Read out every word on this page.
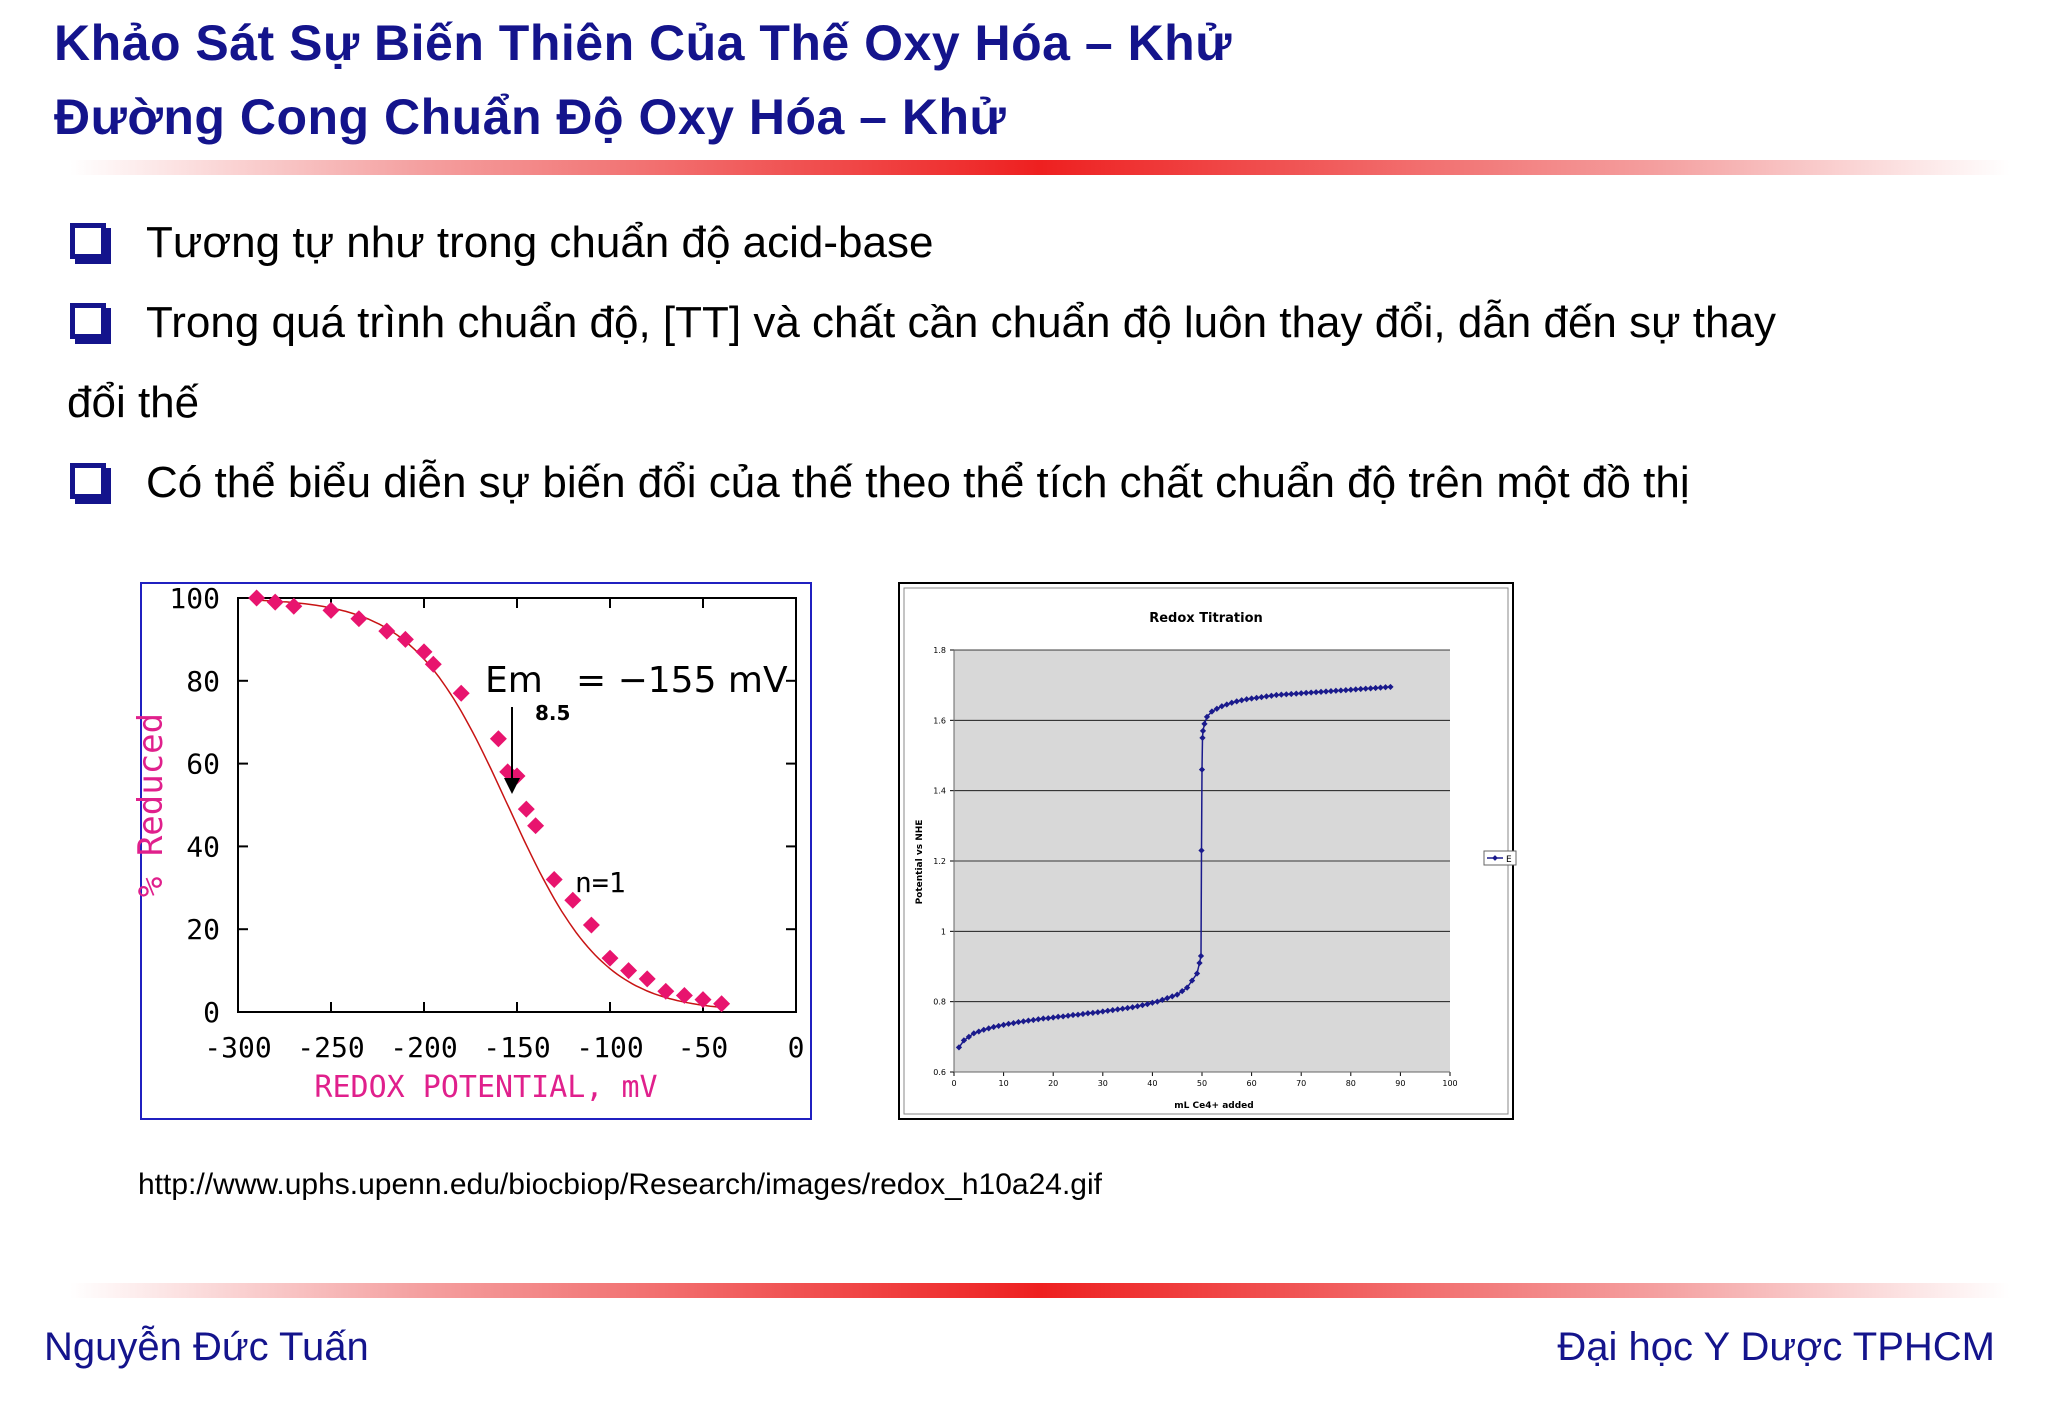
Khảo Sát Sự Biến Thiên Của Thế Oxy Hóa – Khử
Đường Cong Chuẩn Độ Oxy Hóa – Khử
Tương tự như trong chuẩn độ acid-base
Trong quá trình chuẩn độ, [TT] và chất cần chuẩn độ luôn thay đổi, dẫn đến sự thay
đổi thế
Có thể biểu diễn sự biến đổi của thế theo thể tích chất chuẩn độ trên một đồ thị
0
20
40
60
80
100
-300 -250 -200 -150 -100 -50 0
REDOX POTENTIAL, mV
% Reduced
Em
8.5
= −155 mV
n=1
0.6
0.8
1
1.2
1.4
1.6
1.8
0	10	20	30	40	50	60	70	80	90	100
Redox Titration
mL Ce4+ added
Potential vs NHE	E
http://www.uphs.upenn.edu/biocbiop/Research/images/redox_h10a24.gif
Nguyễn Đức Tuấn	Đại học Y Dược TPHCM
